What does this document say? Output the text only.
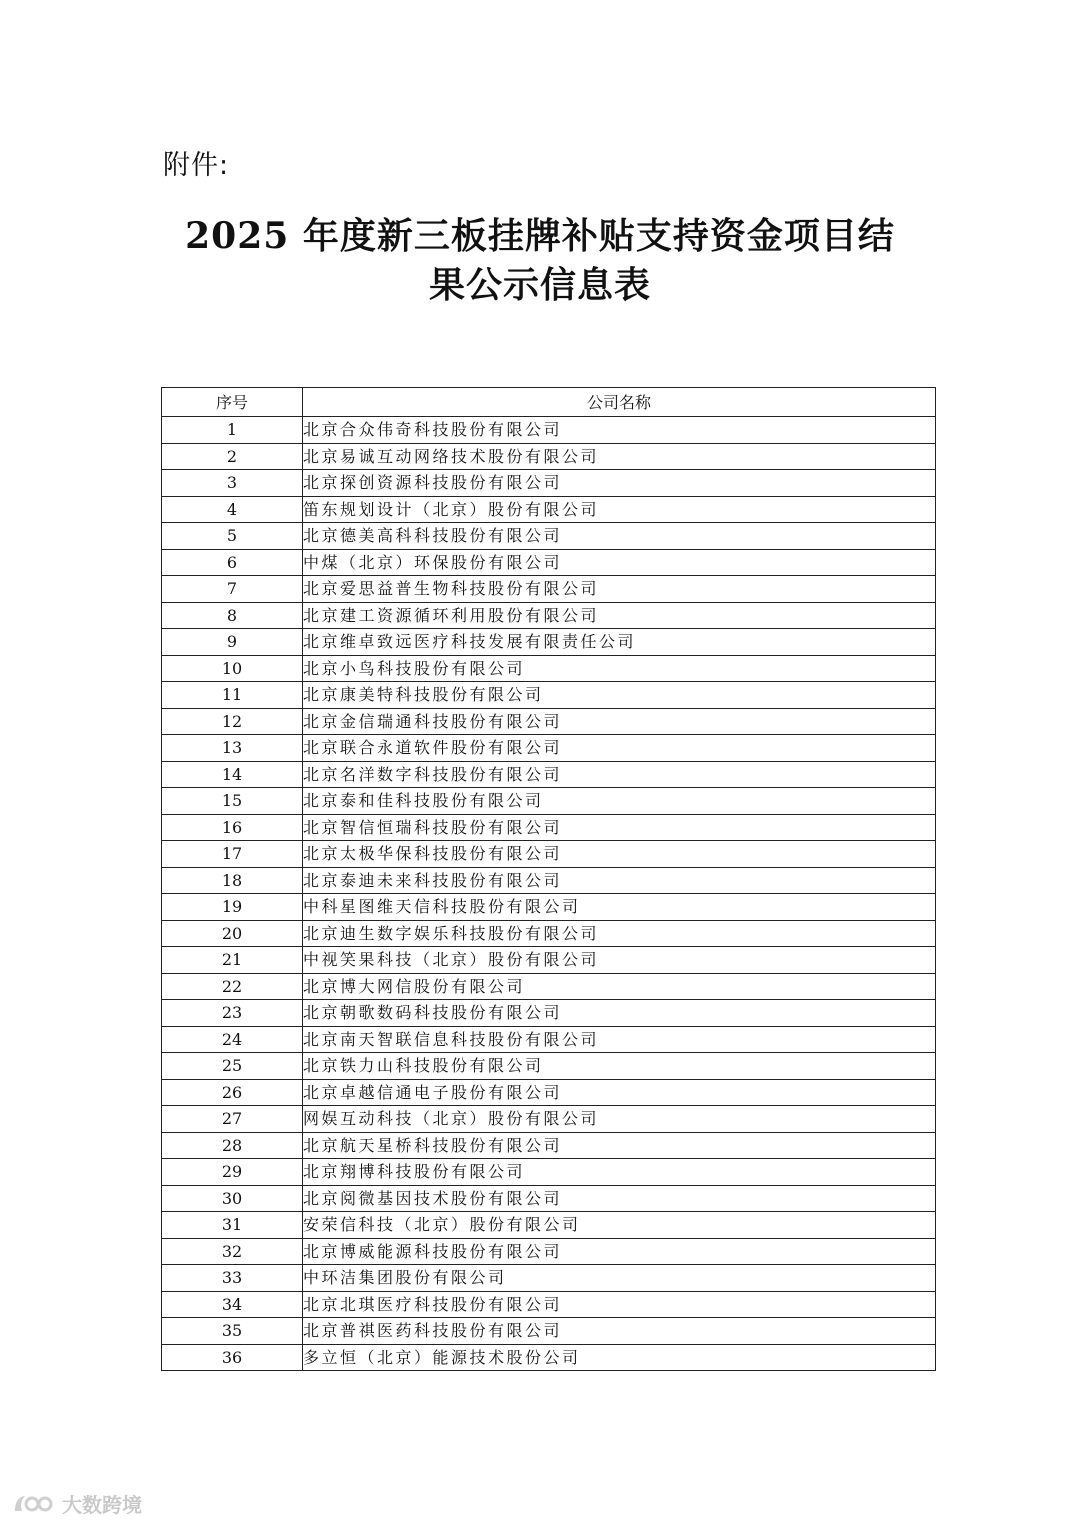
附件:
2025 年度新三板挂牌补贴支持资金项目结
果公示信息表
序号	公司名称
1	北京合众伟奇科技股份有限公司
2	北京易诚互动网络技术股份有限公司
3	北京探创资源科技股份有限公司
4	笛东规划设计（北京）股份有限公司
5	北京德美高科科技股份有限公司
6	中煤（北京）环保股份有限公司
7	北京爱思益普生物科技股份有限公司
8	北京建工资源循环利用股份有限公司
9	北京维卓致远医疗科技发展有限责任公司
10	北京小鸟科技股份有限公司
11	北京康美特科技股份有限公司
12	北京金信瑞通科技股份有限公司
13	北京联合永道软件股份有限公司
14	北京名洋数字科技股份有限公司
15	北京泰和佳科技股份有限公司
16	北京智信恒瑞科技股份有限公司
17	北京太极华保科技股份有限公司
18	北京泰迪未来科技股份有限公司
19	中科星图维天信科技股份有限公司
20	北京迪生数字娱乐科技股份有限公司
21	中视笑果科技（北京）股份有限公司
22	北京博大网信股份有限公司
23	北京朝歌数码科技股份有限公司
24	北京南天智联信息科技股份有限公司
25	北京铁力山科技股份有限公司
26	北京卓越信通电子股份有限公司
27	网娱互动科技（北京）股份有限公司
28	北京航天星桥科技股份有限公司
29	北京翔博科技股份有限公司
30	北京阅微基因技术股份有限公司
31	安荣信科技（北京）股份有限公司
32	北京博威能源科技股份有限公司
33	中环洁集团股份有限公司
34	北京北琪医疗科技股份有限公司
35	北京普祺医药科技股份有限公司
36	多立恒（北京）能源技术股份公司
大数跨境
